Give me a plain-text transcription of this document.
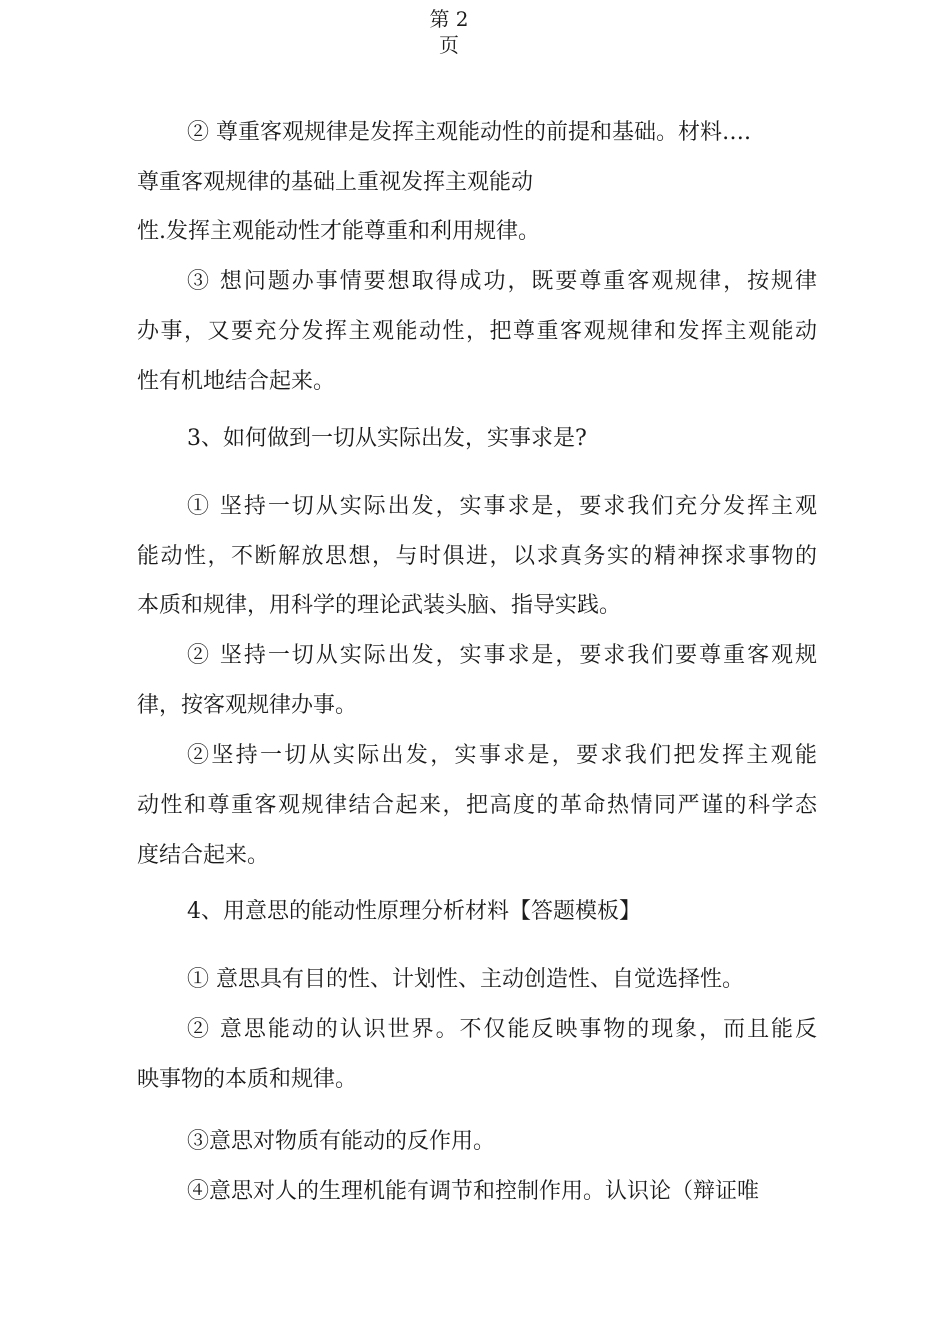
第 2
页
② 尊重客观规律是发挥主观能动性的前提和基础。材料….
尊重客观规律的基础上重视发挥主观能动
性.发挥主观能动性才能尊重和利用规律。
③ 想问题办事情要想取得成功，既要尊重客观规律，按规律
办事，又要充分发挥主观能动性，把尊重客观规律和发挥主观能动
性有机地结合起来。
3、如何做到一切从实际出发，实事求是?
① 坚持一切从实际出发，实事求是，要求我们充分发挥主观
能动性，不断解放思想，与时俱进，以求真务实的精神探求事物的
本质和规律，用科学的理论武装头脑、指导实践。
② 坚持一切从实际出发，实事求是，要求我们要尊重客观规
律，按客观规律办事。
②坚持一切从实际出发，实事求是，要求我们把发挥主观能
动性和尊重客观规律结合起来，把高度的革命热情同严谨的科学态
度结合起来。
4、用意思的能动性原理分析材料【答题模板】
① 意思具有目的性、计划性、主动创造性、自觉选择性。
② 意思能动的认识世界。不仅能反映事物的现象，而且能反
映事物的本质和规律。
③意思对物质有能动的反作用。
④意思对人的生理机能有调节和控制作用。认识论（辩证唯
